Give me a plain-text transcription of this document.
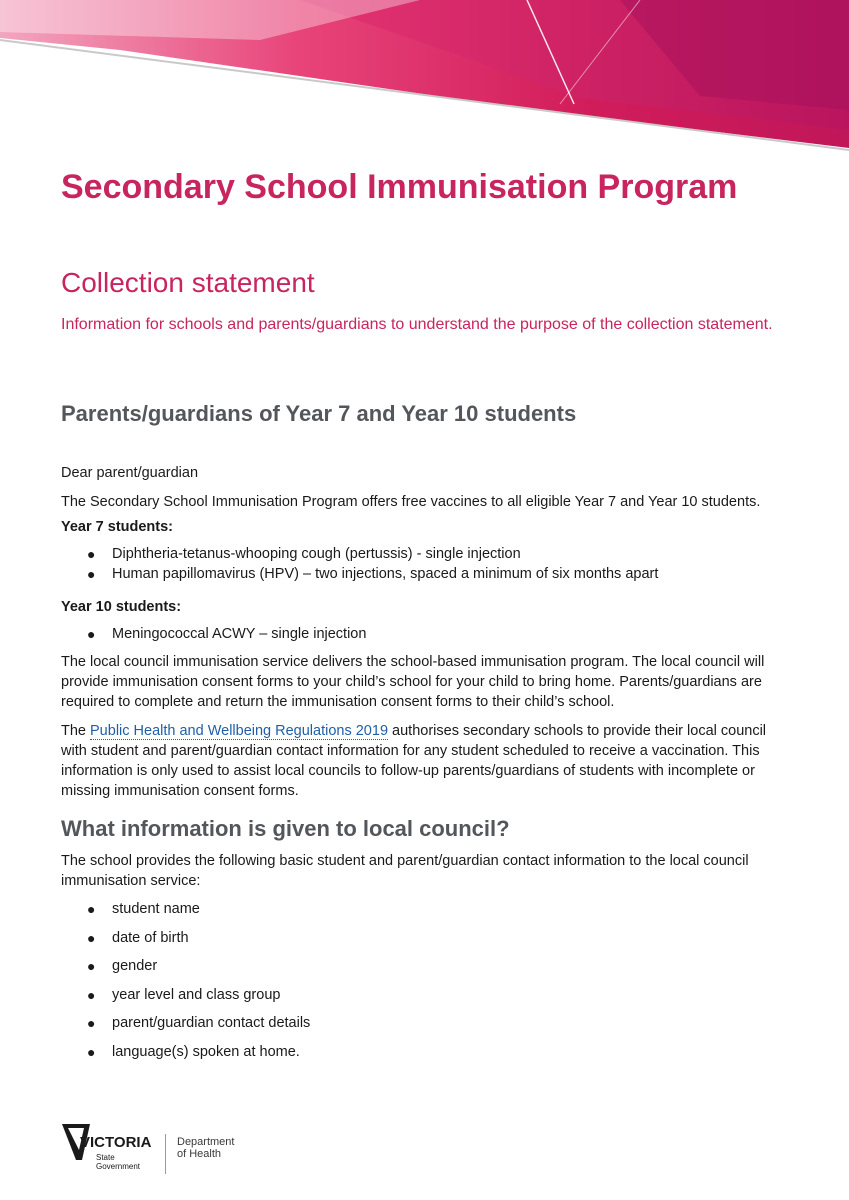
Secondary School Immunisation Program
Collection statement

Information for schools and parents/guardians to understand the purpose of the collection statement.

Parents/guardians of Year 7 and Year 10 students

Dear parent/guardian

The Secondary School Immunisation Program offers free vaccines to all eligible Year 7 and Year 10 students.

Year 7 students:

● Diphtheria-tetanus-whooping cough (pertussis) - single injection
● Human papillomavirus (HPV) – two injections, spaced a minimum of six months apart

Year 10 students:

● Meningococcal ACWY – single injection

The local council immunisation service delivers the school-based immunisation program. The local council will provide immunisation consent forms to your child’s school for your child to bring home. Parents/guardians are required to complete and return the immunisation consent forms to their child’s school.

The Public Health and Wellbeing Regulations 2019 authorises secondary schools to provide their local council with student and parent/guardian contact information for any student scheduled to receive a vaccination. This information is only used to assist local councils to follow-up parents/guardians of students with incomplete or missing immunisation consent forms.

What information is given to local council?

The school provides the following basic student and parent/guardian contact information to the local council immunisation service:

● student name
● date of birth
● gender
● year level and class group
● parent/guardian contact details
● language(s) spoken at home.
VICTORIA
State
Government
Department
of Health
